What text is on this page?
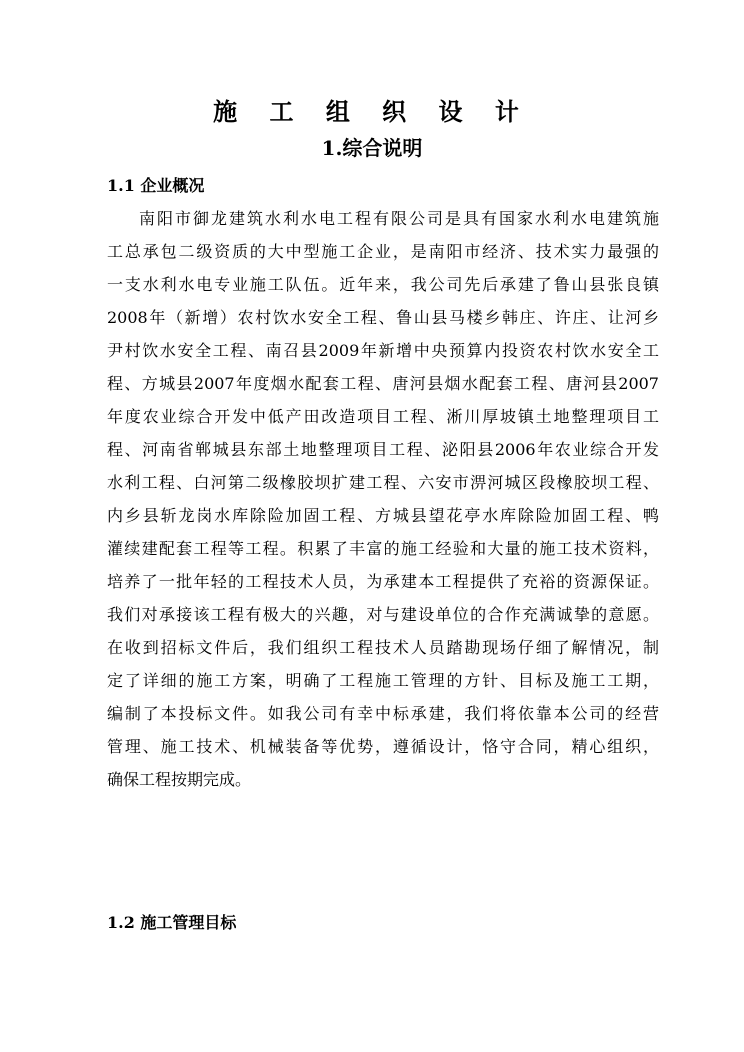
施 工 组 织 设 计
1.综合说明
1.1 企业概况
南阳市御龙建筑水利水电工程有限公司是具有国家水利水电建筑施
工总承包二级资质的大中型施工企业，是南阳市经济、技术实力最强的
一支水利水电专业施工队伍。近年来，我公司先后承建了鲁山县张良镇
2008年（新增）农村饮水安全工程、鲁山县马楼乡韩庄、许庄、让河乡
尹村饮水安全工程、南召县2009年新增中央预算内投资农村饮水安全工
程、方城县2007年度烟水配套工程、唐河县烟水配套工程、唐河县2007
年度农业综合开发中低产田改造项目工程、淅川厚坡镇土地整理项目工
程、河南省郸城县东部土地整理项目工程、泌阳县2006年农业综合开发
水利工程、白河第二级橡胶坝扩建工程、六安市淠河城区段橡胶坝工程、
内乡县斩龙岗水库除险加固工程、方城县望花亭水库除险加固工程、鸭
灌续建配套工程等工程。积累了丰富的施工经验和大量的施工技术资料，
培养了一批年轻的工程技术人员，为承建本工程提供了充裕的资源保证。
我们对承接该工程有极大的兴趣，对与建设单位的合作充满诚挚的意愿。
在收到招标文件后，我们组织工程技术人员踏勘现场仔细了解情况，制
定了详细的施工方案，明确了工程施工管理的方针、目标及施工工期，
编制了本投标文件。如我公司有幸中标承建，我们将依靠本公司的经营
管理、施工技术、机械装备等优势，遵循设计，恪守合同，精心组织，
确保工程按期完成。
1.2 施工管理目标
